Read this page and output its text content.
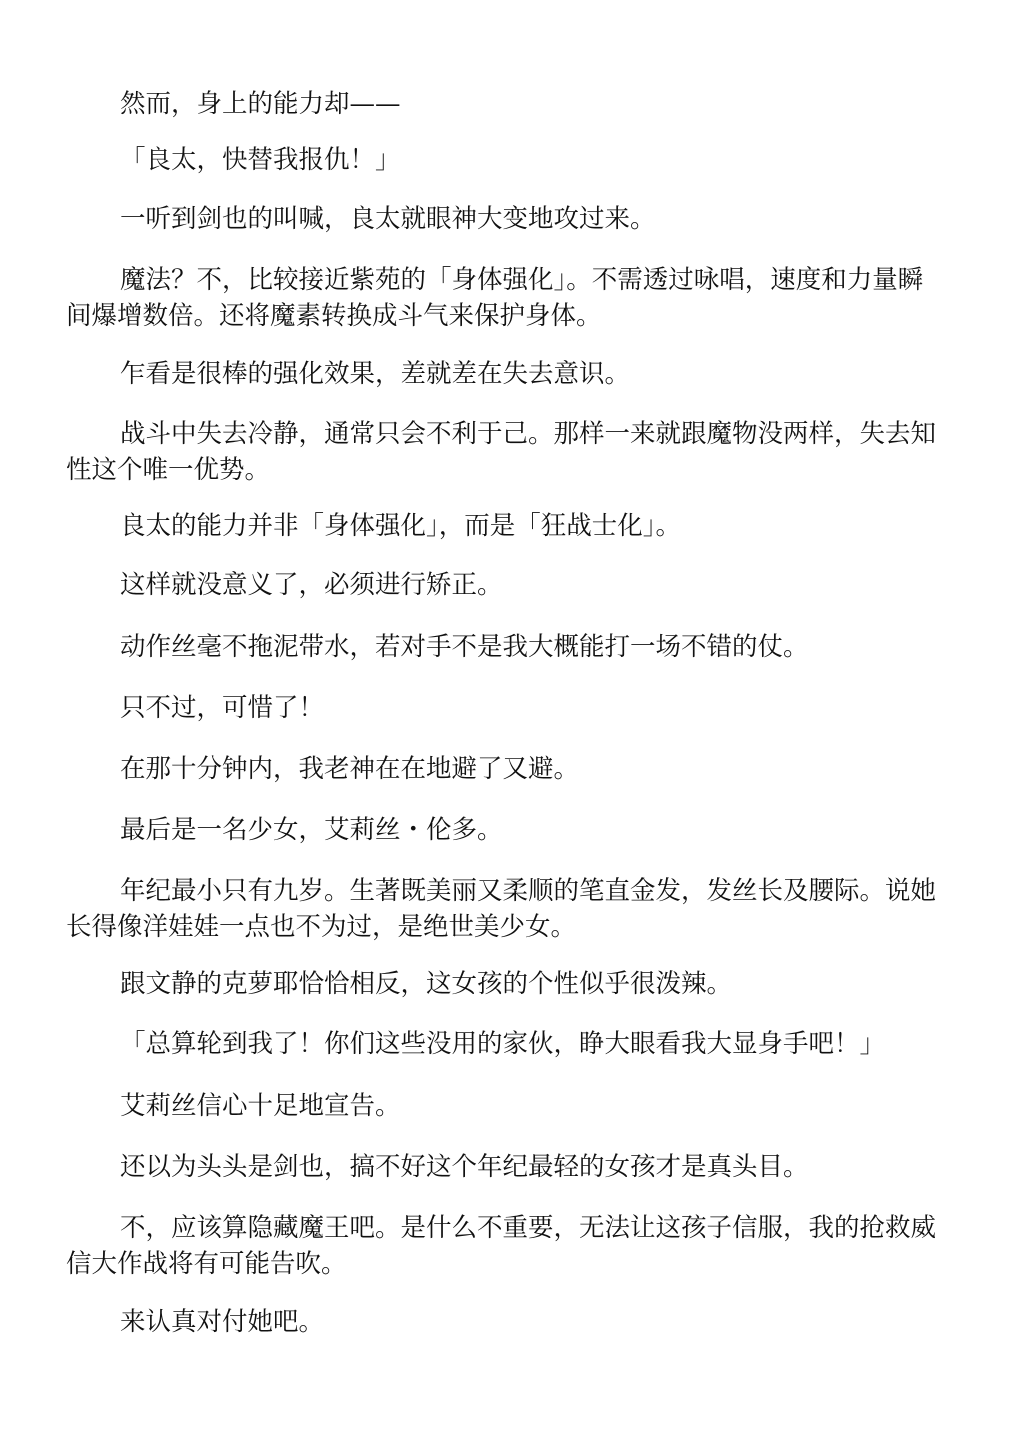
然而，身上的能力却——

「良太，快替我报仇！」

一听到剑也的叫喊，良太就眼神大变地攻过来。

魔法？不，比较接近紫苑的「身体强化」。不需透过咏唱，速度和力量瞬间爆增数倍。还将魔素转换成斗气来保护身体。

乍看是很棒的强化效果，差就差在失去意识。

战斗中失去冷静，通常只会不利于己。那样一来就跟魔物没两样，失去知性这个唯一优势。

良太的能力并非「身体强化」，而是「狂战士化」。

这样就没意义了，必须进行矫正。

动作丝毫不拖泥带水，若对手不是我大概能打一场不错的仗。

只不过，可惜了！

在那十分钟内，我老神在在地避了又避。

最后是一名少女，艾莉丝・伦多。

年纪最小只有九岁。生著既美丽又柔顺的笔直金发，发丝长及腰际。说她长得像洋娃娃一点也不为过，是绝世美少女。

跟文静的克萝耶恰恰相反，这女孩的个性似乎很泼辣。

「总算轮到我了！你们这些没用的家伙，睁大眼看我大显身手吧！」

艾莉丝信心十足地宣告。

还以为头头是剑也，搞不好这个年纪最轻的女孩才是真头目。

不，应该算隐藏魔王吧。是什么不重要，无法让这孩子信服，我的抢救威信大作战将有可能告吹。

来认真对付她吧。
